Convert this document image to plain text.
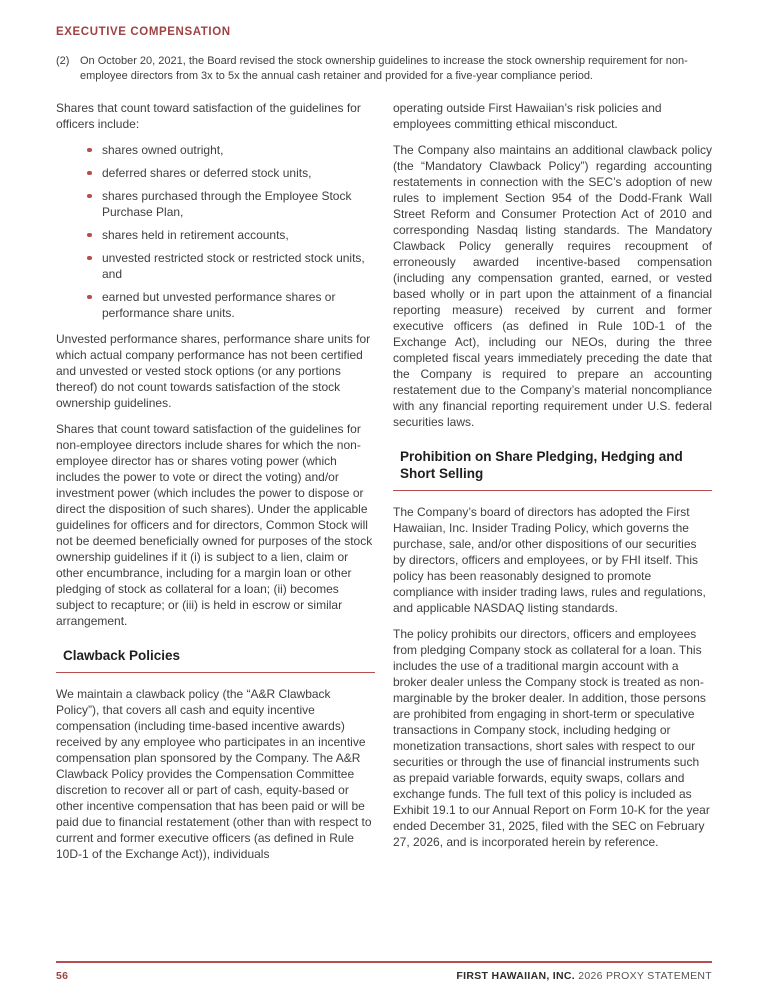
EXECUTIVE COMPENSATION
(2) On October 20, 2021, the Board revised the stock ownership guidelines to increase the stock ownership requirement for non-employee directors from 3x to 5x the annual cash retainer and provided for a five-year compliance period.

Shares that count toward satisfaction of the guidelines for officers include:

shares owned outright,
deferred shares or deferred stock units,
shares purchased through the Employee Stock Purchase Plan,
shares held in retirement accounts,
unvested restricted stock or restricted stock units, and
earned but unvested performance shares or performance share units.

Unvested performance shares, performance share units for which actual company performance has not been certified and unvested or vested stock options (or any portions thereof) do not count towards satisfaction of the stock ownership guidelines.

Shares that count toward satisfaction of the guidelines for non-employee directors include shares for which the non-employee director has or shares voting power (which includes the power to vote or direct the voting) and/or investment power (which includes the power to dispose or direct the disposition of such shares). Under the applicable guidelines for officers and for directors, Common Stock will not be deemed beneficially owned for purposes of the stock ownership guidelines if it (i) is subject to a lien, claim or other encumbrance, including for a margin loan or other pledging of stock as collateral for a loan; (ii) becomes subject to recapture; or (iii) is held in escrow or similar arrangement.

Clawback Policies

We maintain a clawback policy (the “A&R Clawback Policy”), that covers all cash and equity incentive compensation (including time-based incentive awards) received by any employee who participates in an incentive compensation plan sponsored by the Company. The A&R Clawback Policy provides the Compensation Committee discretion to recover all or part of cash, equity-based or other incentive compensation that has been paid or will be paid due to financial restatement (other than with respect to current and former executive officers (as defined in Rule 10D-1 of the Exchange Act)), individuals

operating outside First Hawaiian’s risk policies and employees committing ethical misconduct.

The Company also maintains an additional clawback policy (the “Mandatory Clawback Policy”) regarding accounting restatements in connection with the SEC’s adoption of new rules to implement Section 954 of the Dodd-Frank Wall Street Reform and Consumer Protection Act of 2010 and corresponding Nasdaq listing standards. The Mandatory Clawback Policy generally requires recoupment of erroneously awarded incentive-based compensation (including any compensation granted, earned, or vested based wholly or in part upon the attainment of a financial reporting measure) received by current and former executive officers (as defined in Rule 10D-1 of the Exchange Act), including our NEOs, during the three completed fiscal years immediately preceding the date that the Company is required to prepare an accounting restatement due to the Company’s material noncompliance with any financial reporting requirement under U.S. federal securities laws.

Prohibition on Share Pledging, Hedging and Short Selling

The Company’s board of directors has adopted the First Hawaiian, Inc. Insider Trading Policy, which governs the purchase, sale, and/or other dispositions of our securities by directors, officers and employees, or by FHI itself. This policy has been reasonably designed to promote compliance with insider trading laws, rules and regulations, and applicable NASDAQ listing standards.

The policy prohibits our directors, officers and employees from pledging Company stock as collateral for a loan. This includes the use of a traditional margin account with a broker dealer unless the Company stock is treated as non-marginable by the broker dealer. In addition, those persons are prohibited from engaging in short-term or speculative transactions in Company stock, including hedging or monetization transactions, short sales with respect to our securities or through the use of financial instruments such as prepaid variable forwards, equity swaps, collars and exchange funds. The full text of this policy is included as Exhibit 19.1 to our Annual Report on Form 10-K for the year ended December 31, 2025, filed with the SEC on February 27, 2026, and is incorporated herein by reference.

56	FIRST HAWAIIAN, INC. 2026 PROXY STATEMENT
